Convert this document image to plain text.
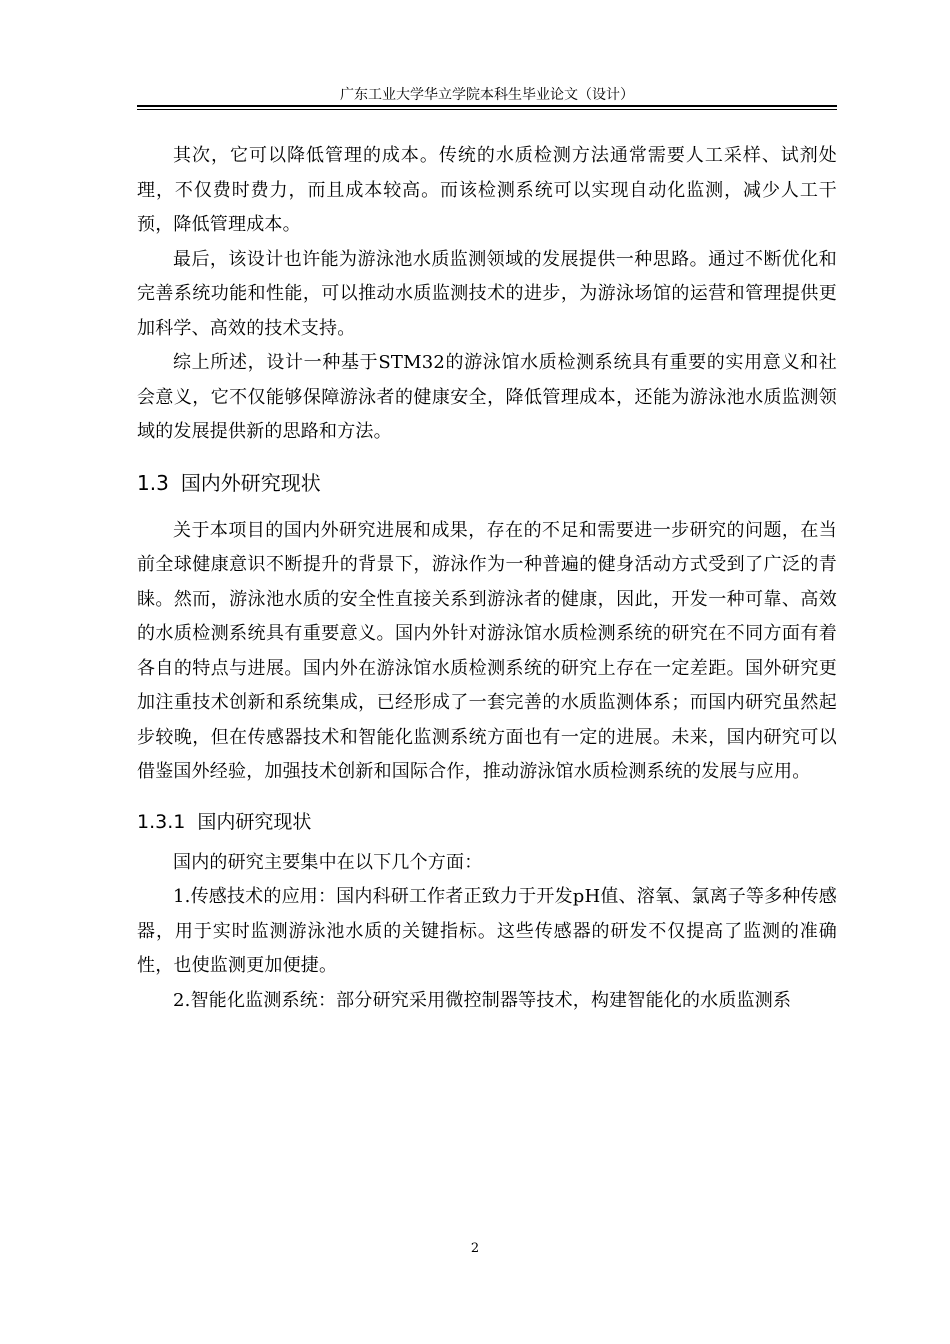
广东工业大学华立学院本科生毕业论文（设计）

其次，它可以降低管理的成本。传统的水质检测方法通常需要人工采样、试剂处理，不仅费时费力，而且成本较高。而该检测系统可以实现自动化监测，减少人工干预，降低管理成本。

最后，该设计也许能为游泳池水质监测领域的发展提供一种思路。通过不断优化和完善系统功能和性能，可以推动水质监测技术的进步，为游泳场馆的运营和管理提供更加科学、高效的技术支持。

综上所述，设计一种基于STM32的游泳馆水质检测系统具有重要的实用意义和社会意义，它不仅能够保障游泳者的健康安全，降低管理成本，还能为游泳池水质监测领域的发展提供新的思路和方法。

1.3 国内外研究现状

关于本项目的国内外研究进展和成果，存在的不足和需要进一步研究的问题，在当前全球健康意识不断提升的背景下，游泳作为一种普遍的健身活动方式受到了广泛的青睐。然而，游泳池水质的安全性直接关系到游泳者的健康，因此，开发一种可靠、高效的水质检测系统具有重要意义。国内外针对游泳馆水质检测系统的研究在不同方面有着各自的特点与进展。国内外在游泳馆水质检测系统的研究上存在一定差距。国外研究更加注重技术创新和系统集成，已经形成了一套完善的水质监测体系；而国内研究虽然起步较晚，但在传感器技术和智能化监测系统方面也有一定的进展。未来，国内研究可以借鉴国外经验，加强技术创新和国际合作，推动游泳馆水质检测系统的发展与应用。

1.3.1 国内研究现状

国内的研究主要集中在以下几个方面：

1.传感技术的应用：国内科研工作者正致力于开发pH值、溶氧、氯离子等多种传感器，用于实时监测游泳池水质的关键指标。这些传感器的研发不仅提高了监测的准确性，也使监测更加便捷。

2.智能化监测系统：部分研究采用微控制器等技术，构建智能化的水质监测系

2
